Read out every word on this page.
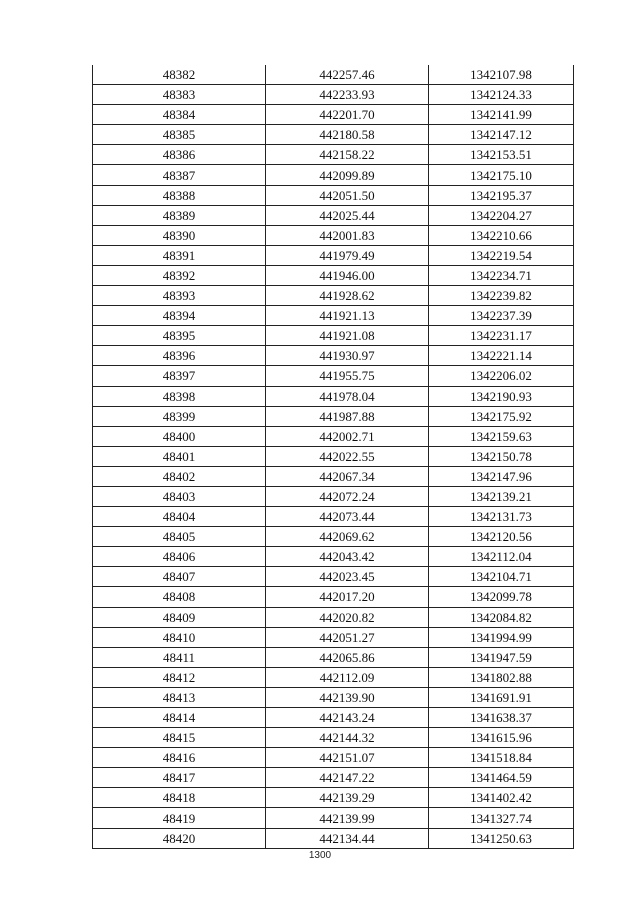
48382	442257.46	1342107.98
48383	442233.93	1342124.33
48384	442201.70	1342141.99
48385	442180.58	1342147.12
48386	442158.22	1342153.51
48387	442099.89	1342175.10
48388	442051.50	1342195.37
48389	442025.44	1342204.27
48390	442001.83	1342210.66
48391	441979.49	1342219.54
48392	441946.00	1342234.71
48393	441928.62	1342239.82
48394	441921.13	1342237.39
48395	441921.08	1342231.17
48396	441930.97	1342221.14
48397	441955.75	1342206.02
48398	441978.04	1342190.93
48399	441987.88	1342175.92
48400	442002.71	1342159.63
48401	442022.55	1342150.78
48402	442067.34	1342147.96
48403	442072.24	1342139.21
48404	442073.44	1342131.73
48405	442069.62	1342120.56
48406	442043.42	1342112.04
48407	442023.45	1342104.71
48408	442017.20	1342099.78
48409	442020.82	1342084.82
48410	442051.27	1341994.99
48411	442065.86	1341947.59
48412	442112.09	1341802.88
48413	442139.90	1341691.91
48414	442143.24	1341638.37
48415	442144.32	1341615.96
48416	442151.07	1341518.84
48417	442147.22	1341464.59
48418	442139.29	1341402.42
48419	442139.99	1341327.74
48420	442134.44	1341250.63
1300
